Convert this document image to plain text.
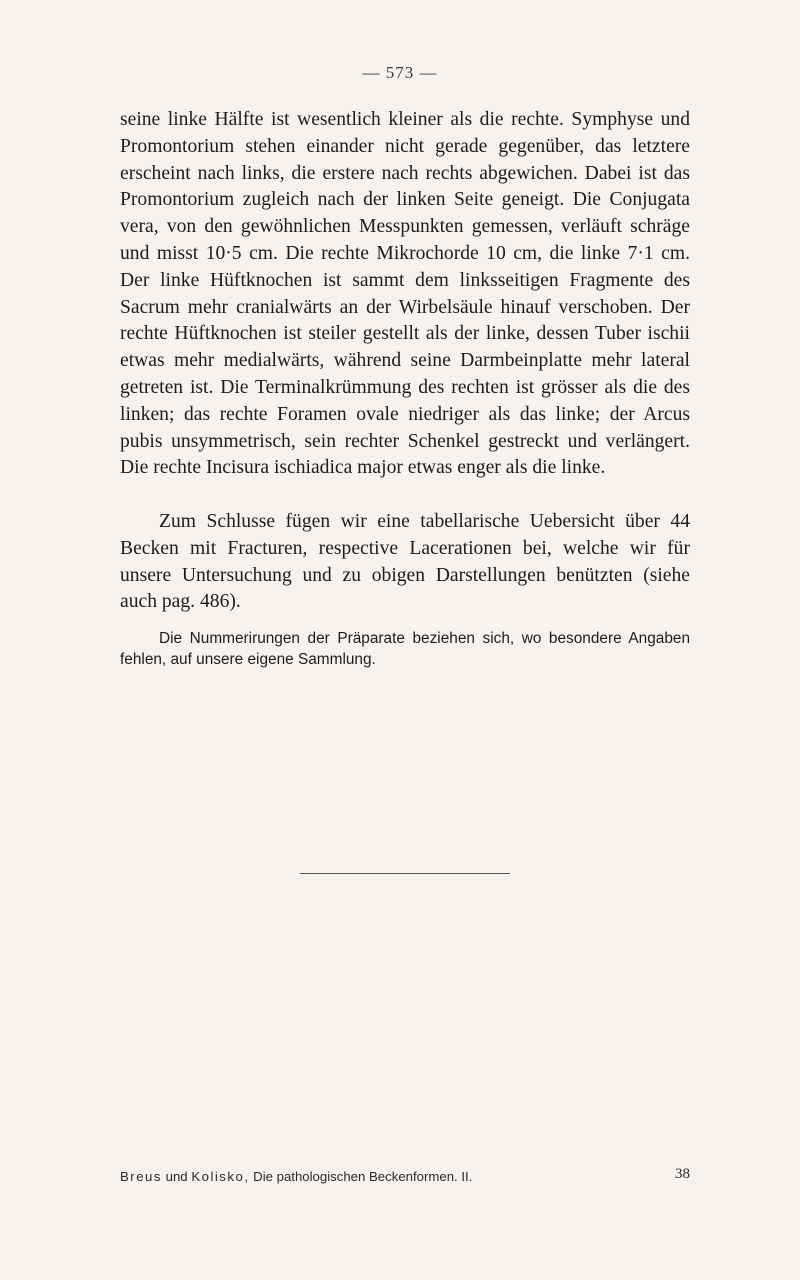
— 573 —

seine linke Hälfte ist wesentlich kleiner als die rechte. Symphyse und Promontorium stehen einander nicht gerade gegenüber, das letztere erscheint nach links, die erstere nach rechts abgewichen. Dabei ist das Promontorium zugleich nach der linken Seite geneigt. Die Conjugata vera, von den gewöhnlichen Messpunkten gemessen, verläuft schräge und misst 10·5 cm. Die rechte Mikrochorde 10 cm, die linke 7·1 cm. Der linke Hüftknochen ist sammt dem linksseitigen Fragmente des Sacrum mehr cranialwärts an der Wirbelsäule hinauf verschoben. Der rechte Hüftknochen ist steiler gestellt als der linke, dessen Tuber ischii etwas mehr medialwärts, während seine Darmbeinplatte mehr lateral getreten ist. Die Terminalkrümmung des rechten ist grösser als die des linken; das rechte Foramen ovale niedriger als das linke; der Arcus pubis unsymmetrisch, sein rechter Schenkel gestreckt und verlängert. Die rechte Incisura ischiadica major etwas enger als die linke.

Zum Schlusse fügen wir eine tabellarische Uebersicht über 44 Becken mit Fracturen, respective Lacerationen bei, welche wir für unsere Untersuchung und zu obigen Darstellungen benützten (siehe auch pag. 486).

Die Nummerirungen der Präparate beziehen sich, wo besondere Angaben fehlen, auf unsere eigene Sammlung.

Breus und Kolisko, Die pathologischen Beckenformen. II.	38
